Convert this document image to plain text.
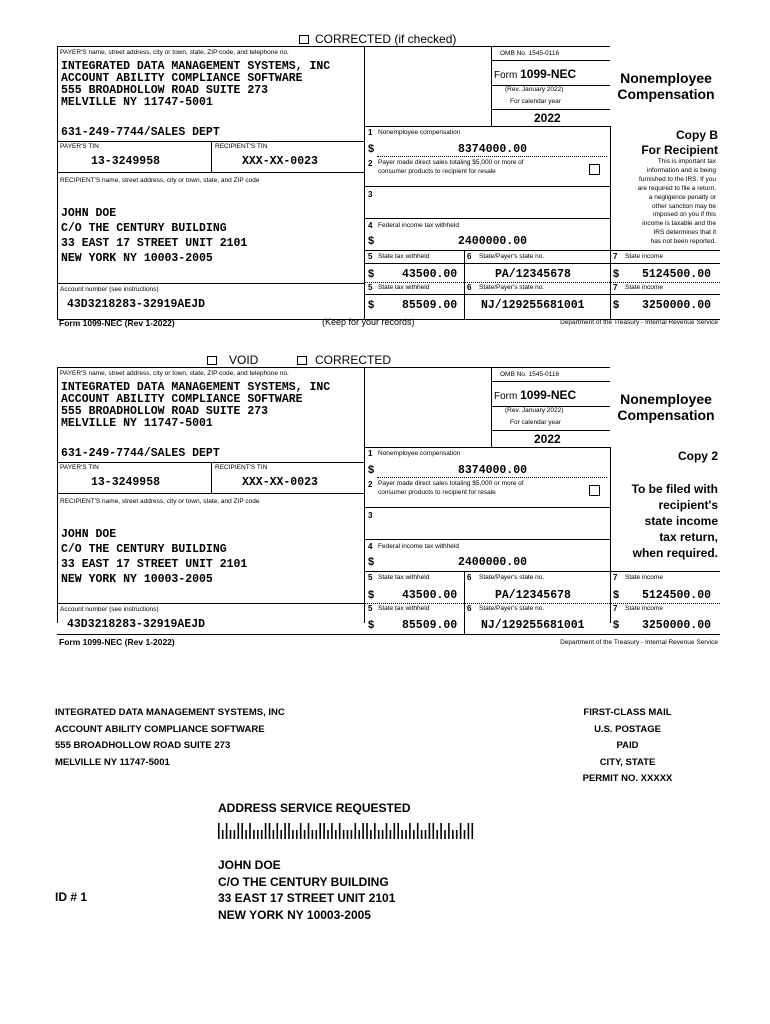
CORRECTED (if checked)
PAYER'S name, street address, city or town, state, ZIP code, and telephone no.
INTEGRATED DATA MANAGEMENT SYSTEMS, INC
ACCOUNT ABILITY COMPLIANCE SOFTWARE
555 BROADHOLLOW ROAD SUITE 273
MELVILLE NY 11747-5001
OMB No. 1545-0116
Form 1099-NEC
(Rev. January 2022)
For calendar year
2022
Nonemployee
Compensation
631-249-7744/SALES DEPT
PAYER'S TIN	RECIPIENT'S TIN
13-3249958	XXX-XX-0023
RECIPIENT'S name, street address, city or town, state, and ZIP code
JOHN DOE
C/O THE CENTURY BUILDING
33 EAST 17 STREET UNIT 2101
NEW YORK NY 10003-2005
Account number (see instructions)
43D3218283-32919AEJD
1 Nonemployee compensation
$	8374000.00
2 Payer made direct sales totaling $5,000 or more of
consumer products to recipient for resale
3
4 Federal income tax withheld
$	2400000.00
5 State tax withheld	6 State/Payer's state no.	7 State income
$ 43500.00	PA/12345678	$ 5124500.00
5 State tax withheld	6 State/Payer's state no.	7 State income
$ 85509.00 NJ/129255681001	$ 3250000.00
Copy B
For Recipient
This is important tax
information and is being
furnished to the IRS. If you
are required to file a return,
a negligence penalty or
other sanction may be
imposed on you if this
income is taxable and the
IRS determines that it
has not been reported.
Form 1099-NEC (Rev 1-2022)	(Keep for your records)	Department of the Treasury - Internal Revenue Service
VOID	CORRECTED
PAYER'S name, street address, city or town, state, ZIP code, and telephone no.
INTEGRATED DATA MANAGEMENT SYSTEMS, INC
ACCOUNT ABILITY COMPLIANCE SOFTWARE
555 BROADHOLLOW ROAD SUITE 273
MELVILLE NY 11747-5001
OMB No. 1545-0116
Form 1099-NEC
(Rev. January 2022)
For calendar year
2022
Nonemployee
Compensation
631-249-7744/SALES DEPT
PAYER'S TIN	RECIPIENT'S TIN
13-3249958	XXX-XX-0023
RECIPIENT'S name, street address, city or town, state, and ZIP code
JOHN DOE
C/O THE CENTURY BUILDING
33 EAST 17 STREET UNIT 2101
NEW YORK NY 10003-2005
Account number (see instructions)
43D3218283-32919AEJD
1 Nonemployee compensation
$	8374000.00
2 Payer made direct sales totaling $5,000 or more of
consumer products to recipient for resale
3
4 Federal income tax withheld
$	2400000.00
5 State tax withheld	6 State/Payer's state no.	7 State income
$ 43500.00	PA/12345678	$ 5124500.00
5 State tax withheld	6 State/Payer's state no.	7 State income
$ 85509.00 NJ/129255681001	$ 3250000.00
Copy 2
To be filed with
recipient's
state income
tax return,
when required.
Form 1099-NEC (Rev 1-2022)	Department of the Treasury - Internal Revenue Service
INTEGRATED DATA MANAGEMENT SYSTEMS, INC
ACCOUNT ABILITY COMPLIANCE SOFTWARE
555 BROADHOLLOW ROAD SUITE 273
MELVILLE NY 11747-5001
FIRST-CLASS MAIL
U.S. POSTAGE
PAID
CITY, STATE
PERMIT NO. XXXXX
ADDRESS SERVICE REQUESTED
JOHN DOE
C/O THE CENTURY BUILDING
33 EAST 17 STREET UNIT 2101
NEW YORK NY 10003-2005
ID # 1
